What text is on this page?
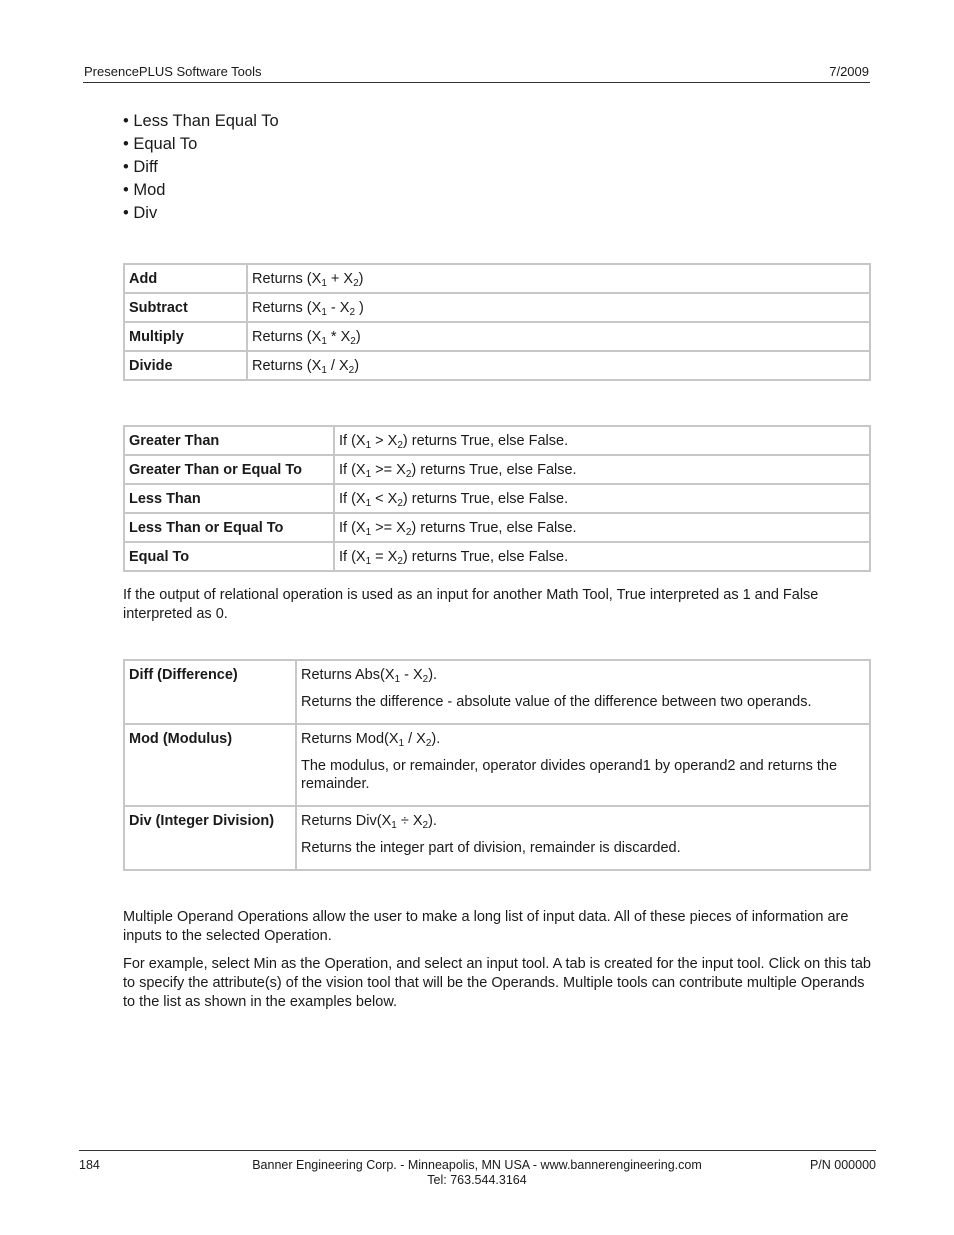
PresencePLUS Software Tools	7/2009
• Less Than Equal To
• Equal To
• Diff
• Mod
• Div
Add	Returns $(X_1 + X_2)$
Subtract	Returns ($X_1 - X_2$ )
Multiply	Returns $(X_1 * X_2)$
Divide	Returns $(X_1 / X_2)$
Greater Than	If $(X_1 > X_2)$ returns True, else False.
Greater Than or Equal To	If $(X_1 >= X_2)$ returns True, else False.
Less Than	If $(X_1 < X_2)$ returns True, else False.
Less Than or Equal To	If $(X_1 >= X_2)$ returns True, else False.
Equal To	If $(X_1 = X_2)$ returns True, else False.

If the output of relational operation is used as an input for another Math Tool, True interpreted as 1 and False interpreted as 0.

Diff (Difference)	Returns $Abs(X_1 - X_2)$.

Returns the difference - absolute value of the difference between two operands.

Mod (Modulus)	Returns $Mod(X_1 / X_2)$.

The modulus, or remainder, operator divides operand1 by operand2 and returns the remainder.

Div (Integer Division)	Returns $Div(X_1 \div X_2)$.

Returns the integer part of division, remainder is discarded.

Multiple Operand Operations allow the user to make a long list of input data. All of these pieces of information are inputs to the selected Operation.

For example, select Min as the Operation, and select an input tool. A tab is created for the input tool. Click on this tab to specify the attribute(s) of the vision tool that will be the Operands. Multiple tools can contribute multiple Operands to the list as shown in the examples below.

184	Banner Engineering Corp. - Minneapolis, MN USA - www.bannerengineering.com
Tel: 763.544.3164
P/N 000000
